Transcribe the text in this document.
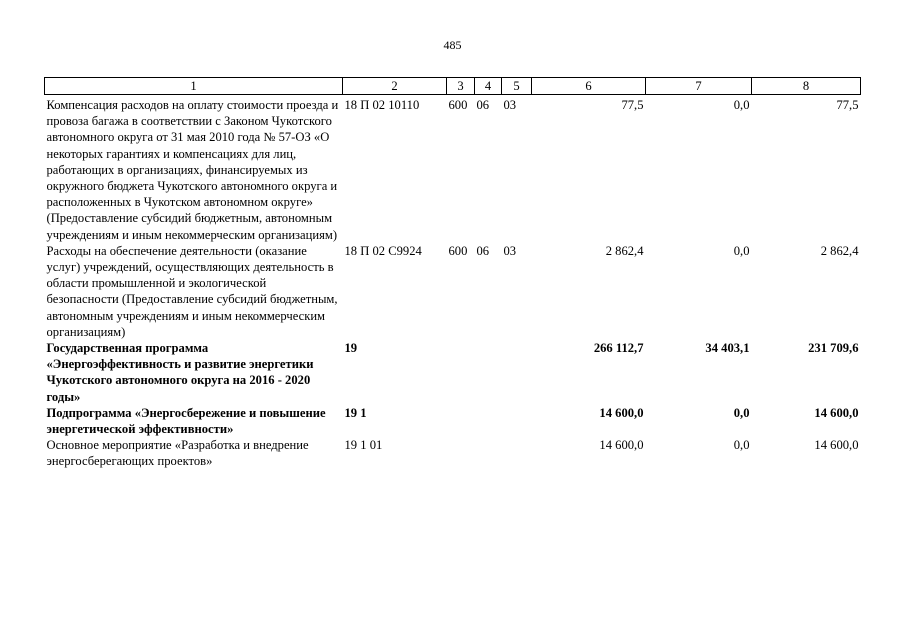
485
1	2	3	4	5	6	7	8

Компенсация расходов на оплату стоимости проезда и провоза багажа в соответствии с Законом Чукотского автономного округа от 31 мая 2010 года № 57-ОЗ «О некоторых гарантиях и компенсациях для лиц, работающих в организациях, финансируемых из окружного бюджета Чукотского автономного округа и расположенных в Чукотском автономном округе» (Предоставление субсидий бюджетным, автономным учреждениям и иным некоммерческим организациям)	18 П 02 10110	600	06	03	77,5	0,0	77,5
Расходы на обеспечение деятельности (оказание услуг) учреждений, осуществляющих деятельность в области промышленной и экологической безопасности (Предоставление субсидий бюджетным, автономным учреждениям и иным некоммерческим организациям)	18 П 02 С9924	600	06	03	2 862,4	0,0	2 862,4
Государственная программа «Энергоэффективность и развитие энергетики Чукотского автономного округа на 2016 - 2020 годы»	19				266 112,7	34 403,1	231 709,6
Подпрограмма «Энергосбережение и повышение энергетической эффективности»	19 1				14 600,0	0,0	14 600,0
Основное мероприятие «Разработка и внедрение энергосберегающих проектов»	19 1 01				14 600,0	0,0	14 600,0
